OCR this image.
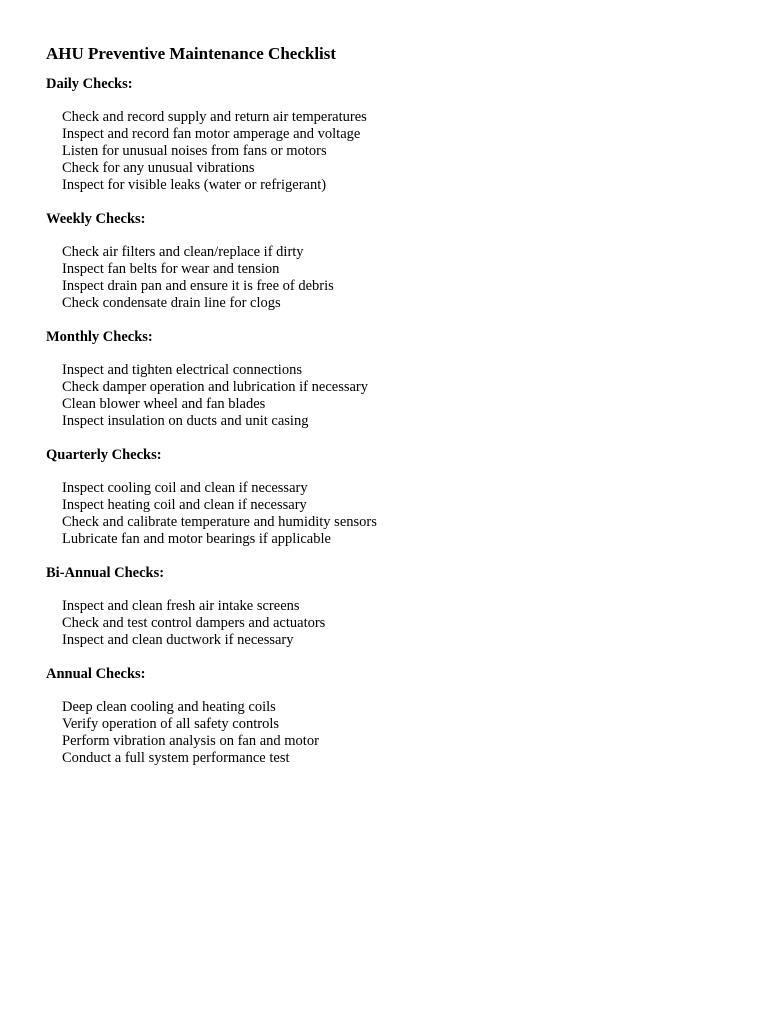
AHU Preventive Maintenance Checklist
Daily Checks:
Check and record supply and return air temperatures
Inspect and record fan motor amperage and voltage
Listen for unusual noises from fans or motors
Check for any unusual vibrations
Inspect for visible leaks (water or refrigerant)
Weekly Checks:
Check air filters and clean/replace if dirty
Inspect fan belts for wear and tension
Inspect drain pan and ensure it is free of debris
Check condensate drain line for clogs
Monthly Checks:
Inspect and tighten electrical connections
Check damper operation and lubrication if necessary
Clean blower wheel and fan blades
Inspect insulation on ducts and unit casing
Quarterly Checks:
Inspect cooling coil and clean if necessary
Inspect heating coil and clean if necessary
Check and calibrate temperature and humidity sensors
Lubricate fan and motor bearings if applicable
Bi-Annual Checks:
Inspect and clean fresh air intake screens
Check and test control dampers and actuators
Inspect and clean ductwork if necessary
Annual Checks:
Deep clean cooling and heating coils
Verify operation of all safety controls
Perform vibration analysis on fan and motor
Conduct a full system performance test
